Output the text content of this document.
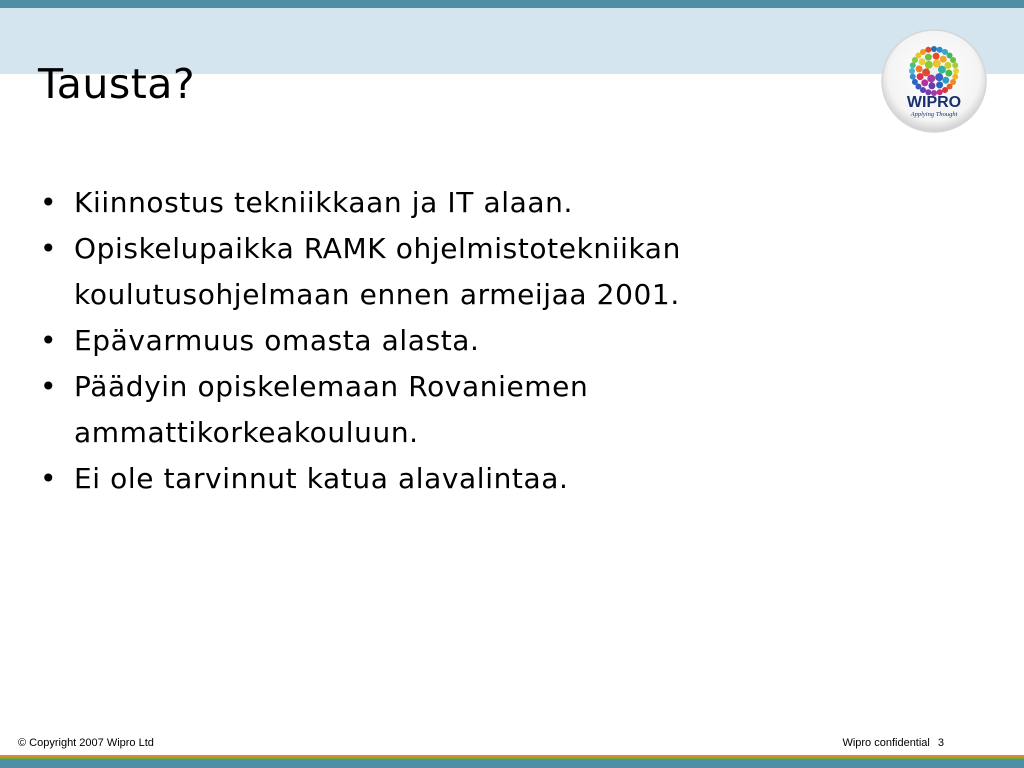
Tausta?	WIPRO
Applying Thought
• Kiinnostus tekniikkaan ja IT alaan.
• Opiskelupaikka RAMK ohjelmistotekniikan koulutusohjelmaan ennen armeijaa 2001.
• Epävarmuus omasta alasta.
• Päädyin opiskelemaan Rovaniemen ammattikorkeakouluun.
• Ei ole tarvinnut katua alavalintaa.
© Copyright 2007 Wipro Ltd	Wipro confidential 3
